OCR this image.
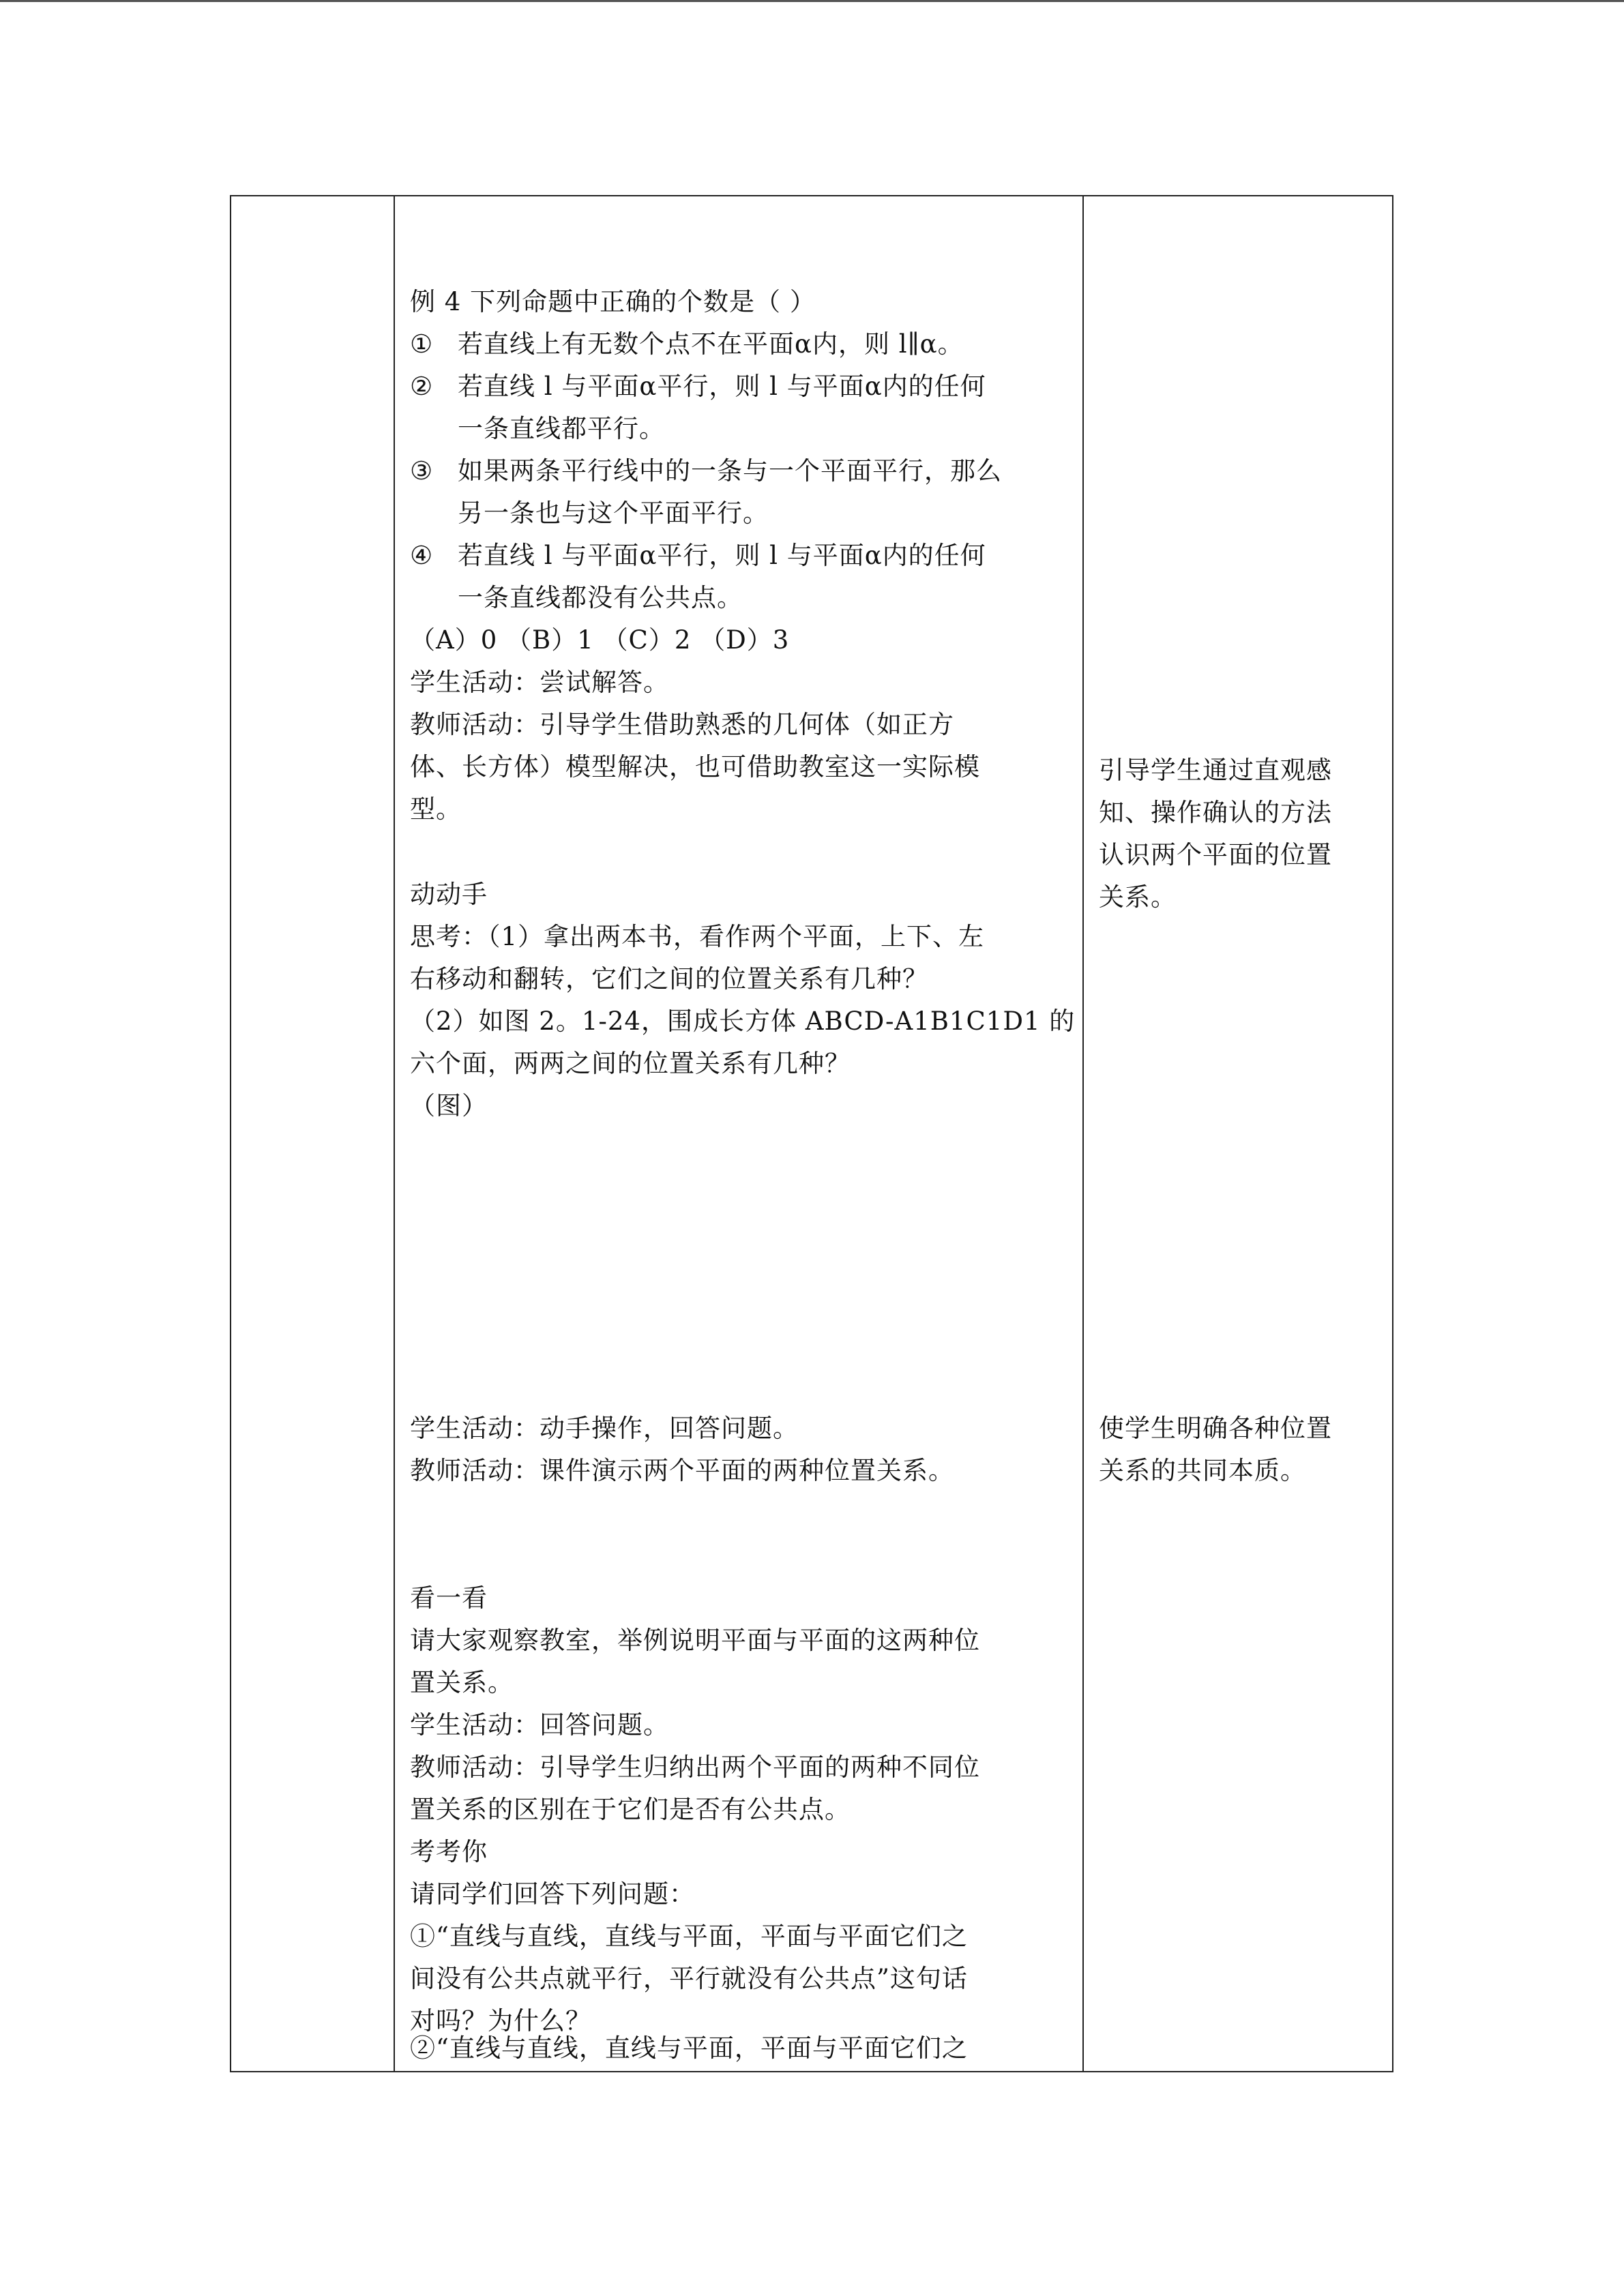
例 4 下列命题中正确的个数是（ ）
① 若直线上有无数个点不在平面α内，则 l∥α。
② 若直线 l 与平面α平行，则 l 与平面α内的任何
一条直线都平行。
③ 如果两条平行线中的一条与一个平面平行，那么
另一条也与这个平面平行。
④ 若直线 l 与平面α平行，则 l 与平面α内的任何
一条直线都没有公共点。
（A）0 （B）1 （C）2 （D）3
学生活动：尝试解答。
教师活动：引导学生借助熟悉的几何体（如正方
体、长方体）模型解决，也可借助教室这一实际模
型。
动动手
思考：（1）拿出两本书，看作两个平面，上下、左
右移动和翻转，它们之间的位置关系有几种？
（2）如图 2。1-24，围成长方体 ABCD-A1B1C1D1 的
六个面，两两之间的位置关系有几种？
（图）
学生活动：动手操作，回答问题。
教师活动：课件演示两个平面的两种位置关系。
看一看
请大家观察教室，举例说明平面与平面的这两种位
置关系。
学生活动：回答问题。
教师活动：引导学生归纳出两个平面的两种不同位
置关系的区别在于它们是否有公共点。
考考你
请同学们回答下列问题：
①“直线与直线，直线与平面，平面与平面它们之
间没有公共点就平行，平行就没有公共点”这句话
对吗？为什么？
②“直线与直线，直线与平面，平面与平面它们之
引导学生通过直观感
知、操作确认的方法
认识两个平面的位置
关系。
使学生明确各种位置
关系的共同本质。
